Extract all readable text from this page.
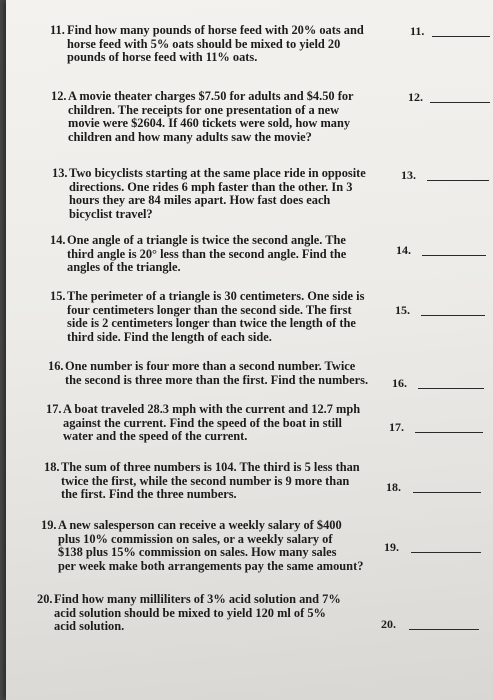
11. Find how many pounds of horse feed with 20% oats and
horse feed with 5% oats should be mixed to yield 20
pounds of horse feed with 11% oats.
11.
12. A movie theater charges $7.50 for adults and $4.50 for
children. The receipts for one presentation of a new
movie were $2604. If 460 tickets were sold, how many
children and how many adults saw the movie?
12.
13. Two bicyclists starting at the same place ride in opposite
directions. One rides 6 mph faster than the other. In 3
hours they are 84 miles apart. How fast does each
bicyclist travel?
13.
14. One angle of a triangle is twice the second angle. The
third angle is 20° less than the second angle. Find the
angles of the triangle.
14.
15. The perimeter of a triangle is 30 centimeters. One side is
four centimeters longer than the second side. The first
side is 2 centimeters longer than twice the length of the
third side. Find the length of each side.
15.
16. One number is four more than a second number. Twice
the second is three more than the first. Find the numbers.	16.
17. A boat traveled 28.3 mph with the current and 12.7 mph
against the current. Find the speed of the boat in still
water and the speed of the current.
17.
18. The sum of three numbers is 104. The third is 5 less than
twice the first, while the second number is 9 more than
the first. Find the three numbers.
18.
19. A new salesperson can receive a weekly salary of $400
plus 10% commission on sales, or a weekly salary of
$138 plus 15% commission on sales. How many sales
per week make both arrangements pay the same amount?
19.
20. Find how many milliliters of 3% acid solution and 7%
acid solution should be mixed to yield 120 ml of 5%
acid solution.	20.
